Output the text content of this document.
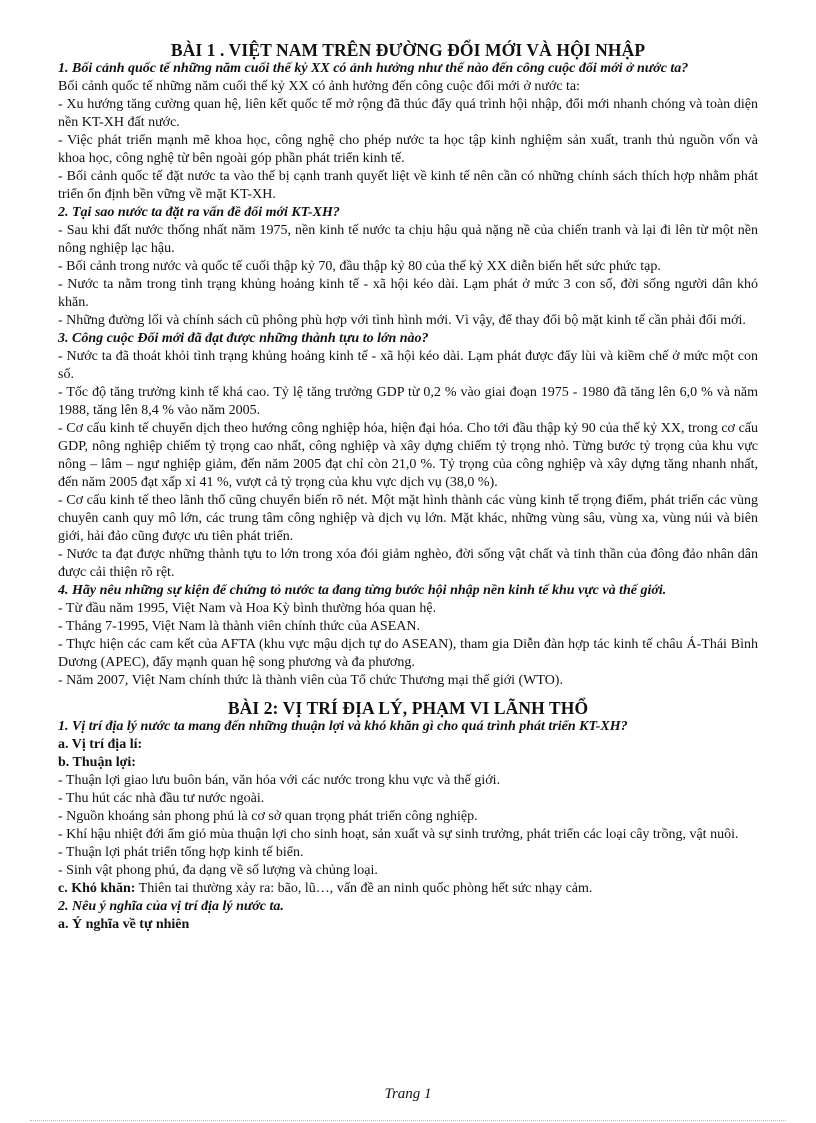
BÀI 1 . VIỆT NAM TRÊN ĐƯỜNG ĐỔI MỚI VÀ HỘI NHẬP

1. Bối cảnh quốc tế những năm cuối thế kỷ XX có ảnh hưởng như thế nào đến công cuộc đổi mới ở nước ta?

Bối cảnh quốc tế những năm cuối thế kỷ XX có ảnh hưởng đến công cuộc đổi mới ở nước ta:

- Xu hướng tăng cường quan hệ, liên kết quốc tế mở rộng đã thúc đẩy quá trình hội nhập, đổi mới nhanh chóng và toàn diện nền KT-XH đất nước.

- Việc phát triển mạnh mẽ khoa học, công nghệ cho phép nước ta học tập kinh nghiệm sản xuất, tranh thủ nguồn vốn và khoa học, công nghệ từ bên ngoài góp phần phát triển kinh tế.

- Bối cảnh quốc tế đặt nước ta vào thế bị cạnh tranh quyết liệt về kinh tế nên cần có những chính sách thích hợp nhằm phát triển ổn định bền vững về mặt KT-XH.

2. Tại sao nước ta đặt ra vấn đề đổi mới KT-XH?

- Sau khi đất nước thống nhất năm 1975, nền kinh tế nước ta chịu hậu quả nặng nề của chiến tranh và lại đi lên từ một nền nông nghiệp lạc hậu.

- Bối cảnh trong nước và quốc tế cuối thập kỷ 70, đầu thập kỷ 80 của thế kỷ XX diễn biến hết sức phức tạp.

- Nước ta nằm trong tình trạng khủng hoảng kinh tế - xã hội kéo dài. Lạm phát ở mức 3 con số, đời sống người dân khó khăn.

- Những đường lối và chính sách cũ phông phù hợp với tình hình mới. Vì vậy, để thay đổi bộ mặt kinh tế cần phải đổi mới.

3. Công cuộc Đổi mới đã đạt được những thành tựu to lớn nào?

- Nước ta đã thoát khỏi tình trạng khủng hoảng kinh tế - xã hội kéo dài. Lạm phát được đẩy lùi và kiềm chế ở mức một con số.

- Tốc độ tăng trưởng kinh tế khá cao. Tỷ lệ tăng trưởng GDP từ 0,2 % vào giai đoạn 1975 - 1980 đã tăng lên 6,0 % và năm 1988, tăng lên 8,4 % vào năm 2005.

- Cơ cấu kinh tế chuyển dịch theo hướng công nghiệp hóa, hiện đại hóa. Cho tới đầu thập kỷ 90 của thế kỷ XX, trong cơ cấu GDP, nông nghiệp chiếm tỷ trọng cao nhất, công nghiệp và xây dựng chiếm tỷ trọng nhỏ. Từng bước tỷ trọng của khu vực nông – lâm – ngư nghiệp giảm, đến năm 2005 đạt chỉ còn 21,0 %. Tỷ trọng của công nghiệp và xây dựng tăng nhanh nhất, đến năm 2005 đạt xấp xỉ 41 %, vượt cả tỷ trọng của khu vực dịch vụ (38,0 %).

- Cơ cấu kinh tế theo lãnh thổ cũng chuyển biến rõ nét. Một mặt hình thành các vùng kinh tế trọng điểm, phát triển các vùng chuyên canh quy mô lớn, các trung tâm công nghiệp và dịch vụ lớn. Mặt khác, những vùng sâu, vùng xa, vùng núi và biên giới, hải đảo cũng được ưu tiên phát triển.

- Nước ta đạt được những thành tựu to lớn trong xóa đói giảm nghèo, đời sống vật chất và tinh thần của đông đảo nhân dân được cải thiện rõ rệt.

4. Hãy nêu những sự kiện để chứng tỏ nước ta đang từng bước hội nhập nền kinh tế khu vực và thế giới.

- Từ đầu năm 1995, Việt Nam và Hoa Kỳ bình thường hóa quan hệ.

- Tháng 7-1995, Việt Nam là thành viên chính thức của ASEAN.

- Thực hiện các cam kết của AFTA (khu vực mậu dịch tự do ASEAN), tham gia Diễn đàn hợp tác kinh tế châu Á-Thái Bình Dương (APEC), đẩy mạnh quan hệ song phương và đa phương.

- Năm 2007, Việt Nam chính thức là thành viên của Tổ chức Thương mại thế giới (WTO).

BÀI 2: VỊ TRÍ ĐỊA LÝ, PHẠM VI LÃNH THỔ

1. Vị trí địa lý nước ta mang đến những thuận lợi và khó khăn gì cho quá trình phát triển KT-XH?

a. Vị trí địa lí:

b. Thuận lợi:

- Thuận lợi giao lưu buôn bán, văn hóa với các nước trong khu vực và thế giới.

- Thu hút các nhà đầu tư nước ngoài.

- Nguồn khoáng sản phong phú là cơ sở quan trọng phát triển công nghiệp.

- Khí hậu nhiệt đới ẩm gió mùa thuận lợi cho sinh hoạt, sản xuất và sự sinh trưởng, phát triển các loại cây trồng, vật nuôi.

- Thuận lợi phát triển tổng hợp kinh tế biển.

- Sinh vật phong phú, đa dạng về số lượng và chủng loại.

c. Khó khăn: Thiên tai thường xảy ra: bão, lũ…, vấn đề an ninh quốc phòng hết sức nhạy cảm.

2. Nêu ý nghĩa của vị trí địa lý nước ta.

a. Ý nghĩa về tự nhiên

Trang 1
